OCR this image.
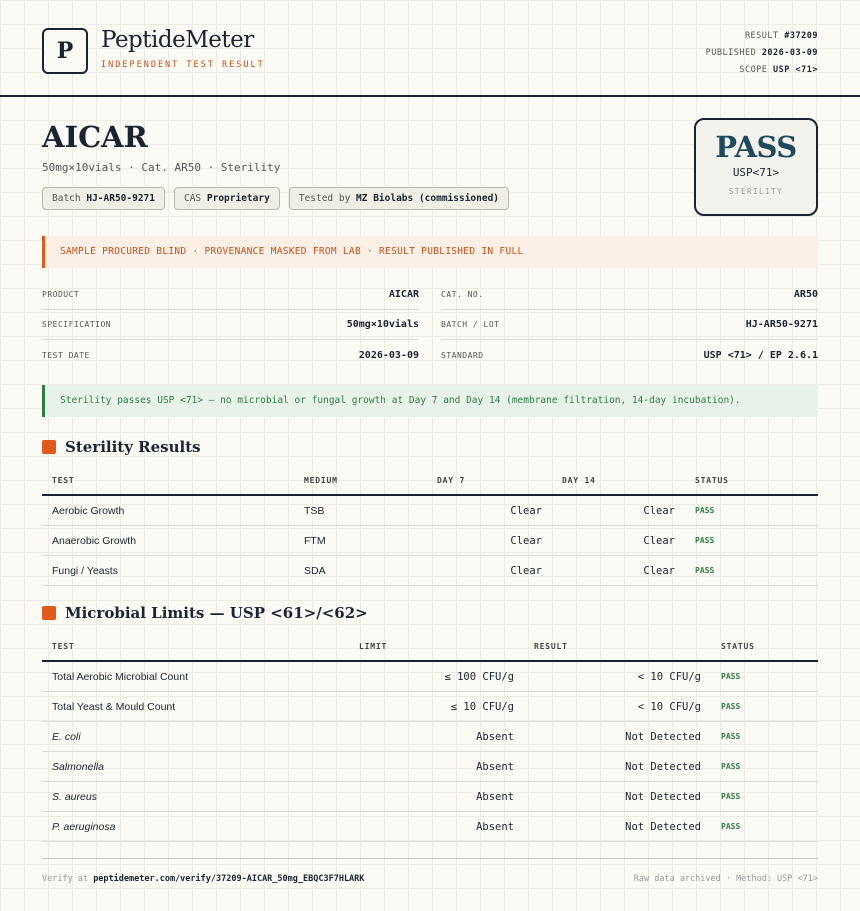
P	PeptideMeter
INDEPENDENT TEST RESULT
RESULT #37209
PUBLISHED 2026-03-09
SCOPE USP <71>
AICAR
50mg×10vials · Cat. AR50 · Sterility
Batch HJ-AR50-9271	CAS Proprietary	Tested by MZ Biolabs (commissioned)
PASS
USP<71>
STERILITY
SAMPLE PROCURED BLIND · PROVENANCE MASKED FROM LAB · RESULT PUBLISHED IN FULL
PRODUCT	AICAR	CAT. NO.	AR50
SPECIFICATION	50mg×10vials	BATCH / LOT	HJ-AR50-9271
TEST DATE	2026-03-09	STANDARD	USP <71> / EP 2.6.1
Sterility passes USP <71> — no microbial or fungal growth at Day 7 and Day 14 (membrane filtration, 14-day incubation).
Sterility Results
TEST	MEDIUM	DAY 7	DAY 14	STATUS
Aerobic Growth	TSB	Clear	Clear	PASS
Anaerobic Growth	FTM	Clear	Clear	PASS
Fungi / Yeasts	SDA	Clear	Clear	PASS
Microbial Limits — USP <61>/<62>
TEST	LIMIT	RESULT	STATUS
Total Aerobic Microbial Count	≤ 100 CFU/g	< 10 CFU/g	PASS
Total Yeast & Mould Count	≤ 10 CFU/g	< 10 CFU/g	PASS
E. coli	Absent	Not Detected	PASS
Salmonella	Absent	Not Detected	PASS
S. aureus	Absent	Not Detected	PASS
P. aeruginosa	Absent	Not Detected	PASS
Verify at peptidemeter.com/verify/37209-AICAR_50mg_EBQC3F7HLARK	Raw data archived · Method: USP <71>
